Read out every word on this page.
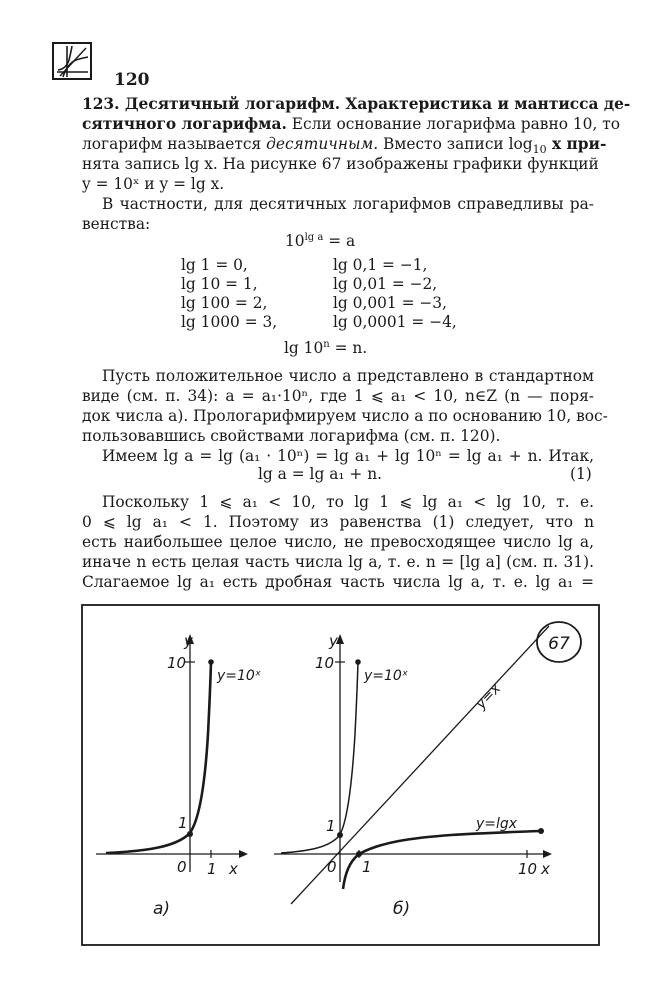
120
123. Десятичный логарифм. Характеристика и мантисса де-
сятичного логарифма. Если основание логарифма равно 10, то
логарифм называется десятичным. Вместо записи $\log_{10} x$ при-
нята запись lg x. На рисунке 67 изображены графики функций
y = 10ˣ и y = lg x.
В частности, для десятичных логарифмов справедливы ра-
венства:
$10^{lg a} = a$
lg 1 = 0,
lg 10 = 1,
lg 100 = 2,
lg 1000 = 3,
lg 0,1 = −1,
lg 0,01 = −2,
lg 0,001 = −3,
lg 0,0001 = −4,
$\lg 10^n = n$.
Пусть положительное число a представлено в стандартном
виде (см. п. 34): a = a₁·10ⁿ, где 1 ⩽ a₁ < 10, n∈Z (n — поря-
док числа a). Прологарифмируем число a по основанию 10, вос-
пользовавшись свойствами логарифма (см. п. 120).
Имеем lg a = lg (a₁ · 10ⁿ) = lg a₁ + lg 10ⁿ = lg a₁ + n. Итак,
lg a = lg a₁ + n.	(1)
Поскольку 1 ⩽ a₁ < 10, то lg 1 ⩽ lg a₁ < lg 10, т. е.
0 ⩽ lg a₁ < 1. Поэтому из равенства (1) следует, что n
есть наибольшее целое число, не превосходящее число lg a,
иначе n есть целая часть числа lg a, т. е. n = [lg a] (см. п. 31).
Слагаемое lg a₁ есть дробная часть числа lg a, т. е. lg a₁ =
67
y
10
1
0 1 x
y=10ˣ
а)
y
10
1
0 1	10 x
y=10ˣ
y=x
y=lgx
б)
